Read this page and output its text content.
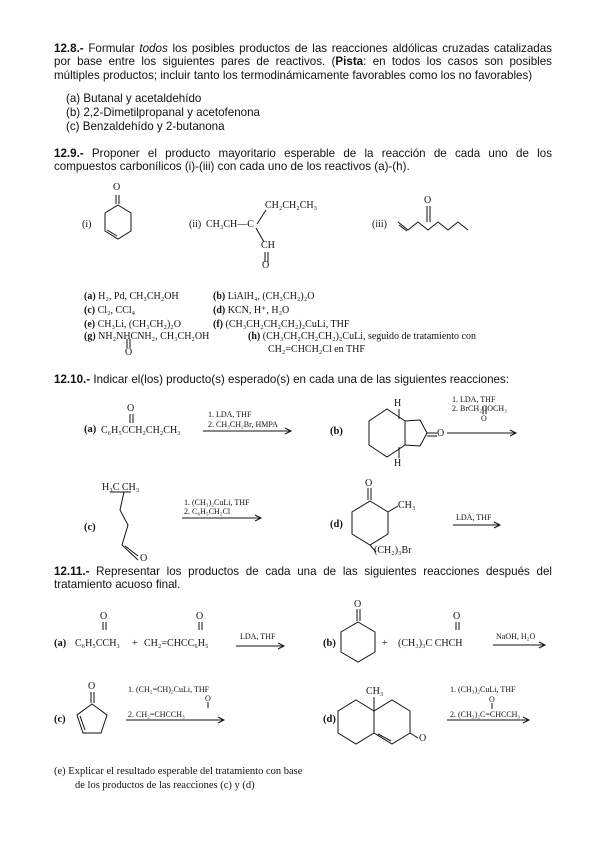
12.8.- Formular todos los posibles productos de las reacciones aldólicas cruzadas catalizadas por base entre los siguientes pares de reactivos. (Pista: en todos los casos son posibles múltiples productos; incluir tanto los termodinámicamente favorables como los no favorables)
(a) Butanal y acetaldehído
(b) 2,2-Dimetilpropanal y acetofenona
(c) Benzaldehído y 2-butanona
12.9.- Proponer el producto mayoritario esperable de la reacción de cada uno de los compuestos carbonílicos (i)-(iii) con cada uno de los reactivos (a)-(h).
O
(i)	(ii) CH₃CH—C
CH₂CH₂CH₃
CH
O
(iii)
O
(a) H₂, Pd, CH₃CH₂OH	(b) LiAlH₄, (CH₃CH₂)₂O
(c) Cl₂, CCl₄	(d) KCN, H⁺, H₂O
(e) CH₃Li, (CH₃CH₂)₂O	(f) (CH₃CH₂CH₂CH₂)₂CuLi, THF
(g) NH₂NHCNH₂, CH₃CH₂OH
O
(h) (CH₃CH₂CH₂CH₂)₂CuLi, seguido de tratamiento con
CH₂=CHCH₂Cl en THF
12.10.- Indicar el(los) producto(s) esperado(s) en cada una de las siguientes reacciones:
O
(a) C₆H₅CCH₂CH₂CH₃
1. LDA, THF
2. CH₃CH₂Br, HMPA
(b)
H
H
O
1. LDA, THF
2. BrCH₂COCH₃
O
H₃C CH₃
(c)
O
1. (CH₃)₂CuLi, THF
2. C₆H₅CH₂Cl
(d)
O
CH₃
(CH₂)₃Br
LDA, THF
12.11.- Representar los productos de cada una de las siguientes reacciones después del tratamiento acuoso final.
O	O
(a) C₆H₅CCH₃ + CH₂=CHCC₆H₅
LDA, THF
(b)
O
+ (CH₃)₃C CHCH
O
NaOH, H₂O
O
(c)
1. (CH₂=CH)₂CuLi, THF
O
2. CH₂=CHCCH₃	(d)
CH₃
O
1. (CH₃)₂CuLi, THF
O
2. (CH₃)₂C=CHCCH₃
(e) Explicar el resultado esperable del tratamiento con base
de los productos de las reacciones (c) y (d)
